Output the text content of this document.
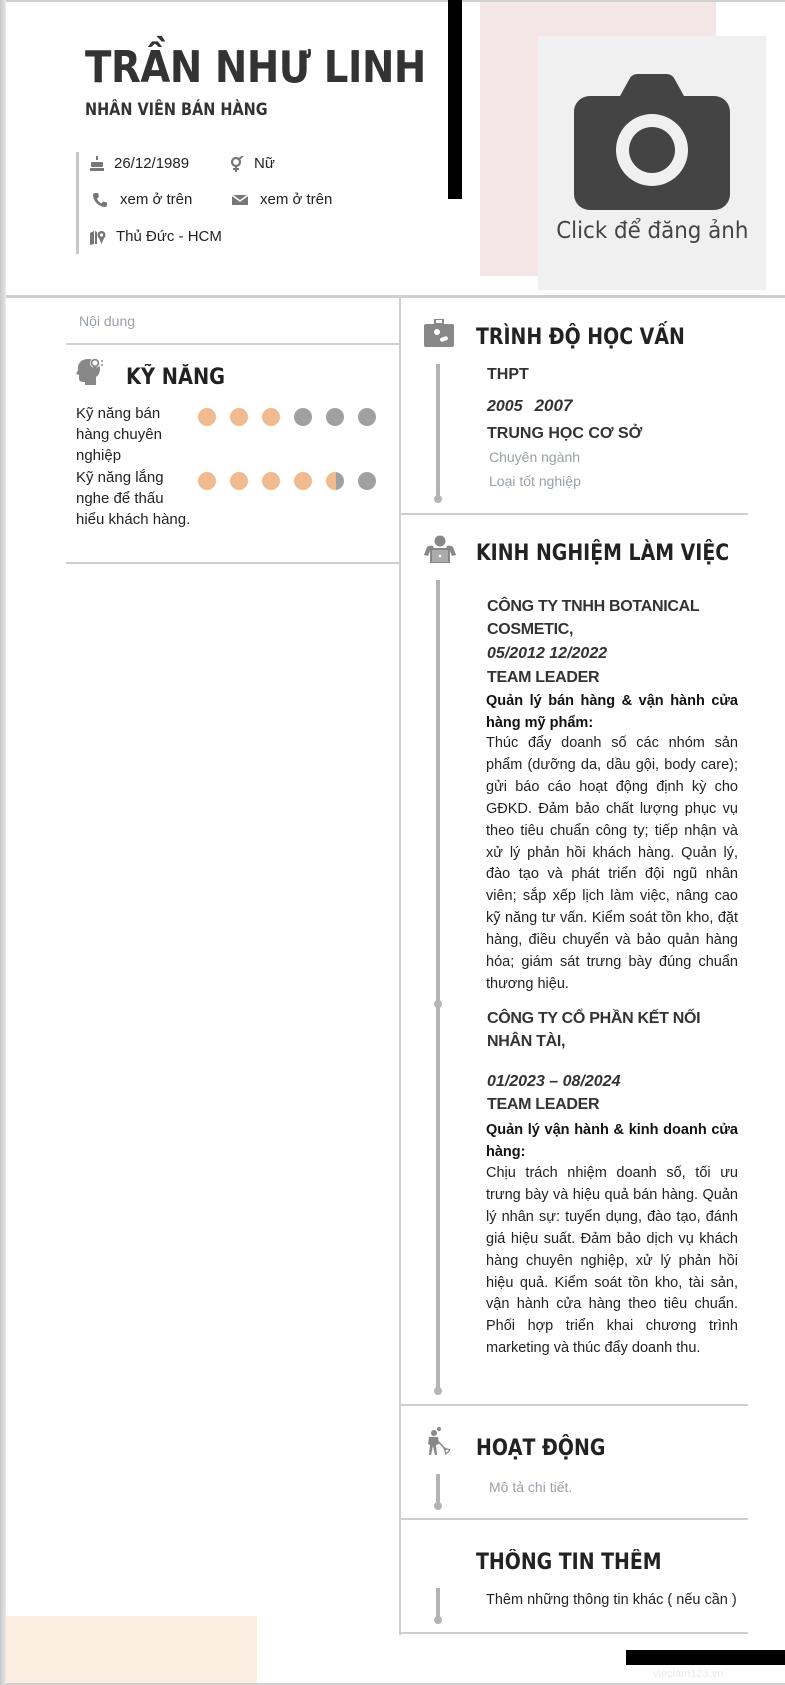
TRẦN NHƯ LINH
NHÂN VIÊN BÁN HÀNG
26/12/1989	Nữ
xem ở trên	xem ở trên
Thủ Đức - HCM	Click để đăng ảnh
Nội dung
KỸ NĂNG
Kỹ năng bán hàng chuyên nghiệp
Kỹ năng lắng nghe để thấu hiểu khách hàng.
TRÌNH ĐỘ HỌC VẤN
THPT
2005 2007
TRUNG HỌC CƠ SỞ
Chuyên ngành
Loại tốt nghiệp
KINH NGHIỆM LÀM VIỆC
CÔNG TY TNHH BOTANICAL COSMETIC,
05/2012 12/2022
TEAM LEADER
Quản lý bán hàng & vận hành cửa hàng mỹ phẩm:
Thúc đẩy doanh số các nhóm sản phẩm (dưỡng da, dầu gội, body care); gửi báo cáo hoạt động định kỳ cho GĐKD. Đảm bảo chất lượng phục vụ theo tiêu chuẩn công ty; tiếp nhận và xử lý phản hồi khách hàng. Quản lý, đào tạo và phát triển đội ngũ nhân viên; sắp xếp lịch làm việc, nâng cao kỹ năng tư vấn. Kiểm soát tồn kho, đặt hàng, điều chuyển và bảo quản hàng hóa; giám sát trưng bày đúng chuẩn thương hiệu.
CÔNG TY CỔ PHẦN KẾT NỐI NHÂN TÀI,
01/2023 – 08/2024
TEAM LEADER
Quản lý vận hành & kinh doanh cửa hàng:
Chịu trách nhiệm doanh số, tối ưu trưng bày và hiệu quả bán hàng. Quản lý nhân sự: tuyển dụng, đào tạo, đánh giá hiệu suất. Đảm bảo dịch vụ khách hàng chuyên nghiệp, xử lý phản hồi hiệu quả. Kiểm soát tồn kho, tài sản, vận hành cửa hàng theo tiêu chuẩn. Phối hợp triển khai chương trình marketing và thúc đẩy doanh thu.
HOẠT ĐỘNG
Mô tả chi tiết.
THÔNG TIN THÊM
Thêm những thông tin khác ( nếu cần )
vieclam123.vn
